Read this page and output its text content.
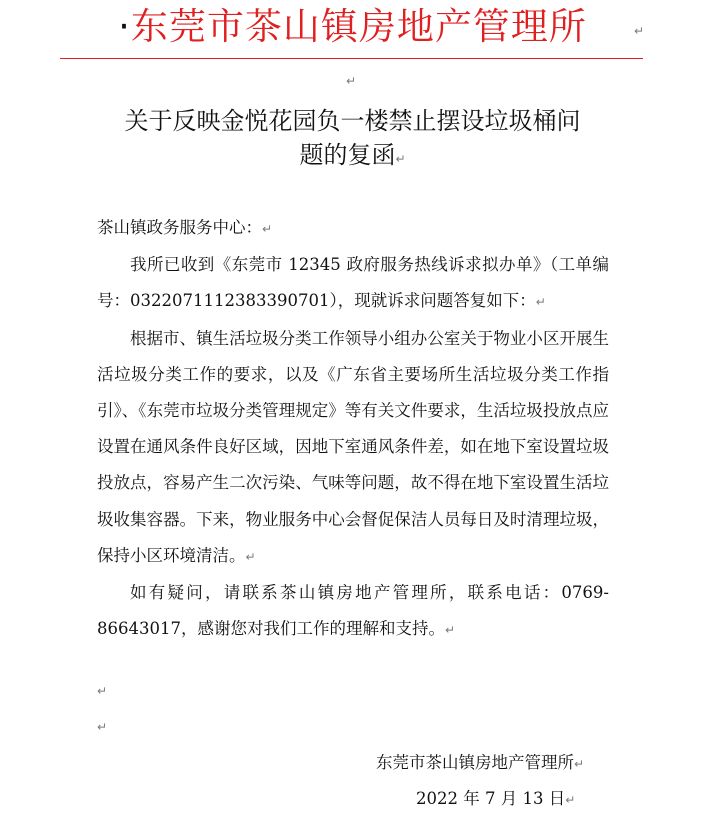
·东莞市茶山镇房地产管理所	↵
↵
关于反映金悦花园负一楼禁止摆设垃圾桶问
题的复函↵

茶山镇政务服务中心：↵

我所已收到《东莞市 12345 政府服务热线诉求拟办单》（工单编号：0322071112383390701），现就诉求问题答复如下：↵

根据市、镇生活垃圾分类工作领导小组办公室关于物业小区开展生活垃圾分类工作的要求，以及《广东省主要场所生活垃圾分类工作指引》、《东莞市垃圾分类管理规定》等有关文件要求，生活垃圾投放点应设置在通风条件良好区域，因地下室通风条件差，如在地下室设置垃圾投放点，容易产生二次污染、气味等问题，故不得在地下室设置生活垃圾收集容器。下来，物业服务中心会督促保洁人员每日及时清理垃圾，保持小区环境清洁。↵

如有疑问，请联系茶山镇房地产管理所，联系电话：0769-86643017，感谢您对我们工作的理解和支持。↵

↵
↵
东莞市茶山镇房地产管理所↵
2022 年 7 月 13 日↵
